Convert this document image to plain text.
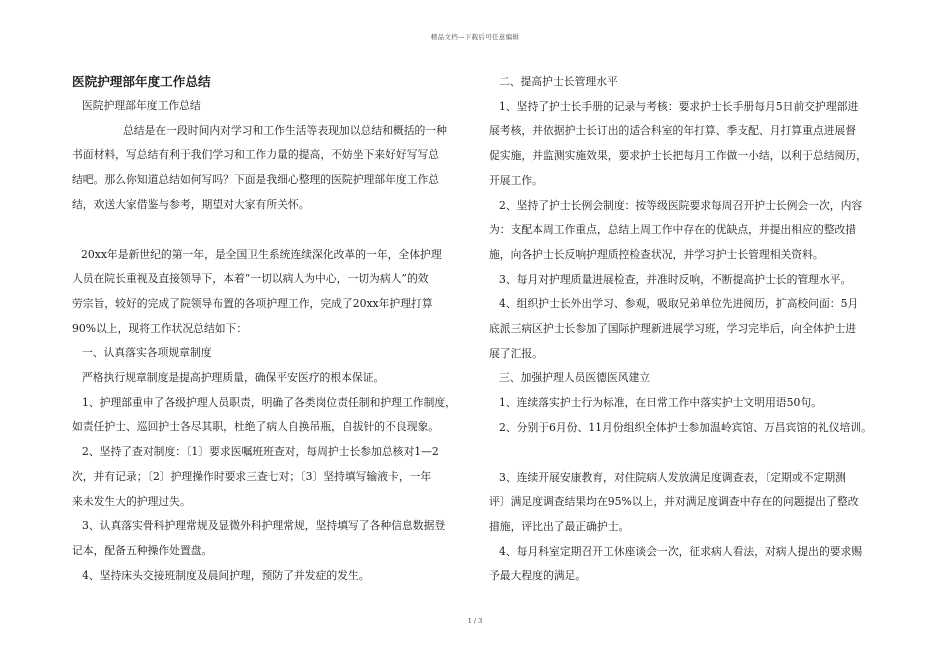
精品文档—下载后可任意编辑

医院护理部年度工作总结

医院护理部年度工作总结

总结是在一段时间内对学习和工作生活等表现加以总结和概括的一种

书面材料，写总结有利于我们学习和工作力量的提高，不妨坐下来好好写写总

结吧。那么你知道总结如何写吗？下面是我细心整理的医院护理部年度工作总

结，欢送大家借鉴与参考，期望对大家有所关怀。

20xx年是新世纪的第一年，是全国卫生系统连续深化改革的一年，全体护理

人员在院长重视及直接领导下，本着“一切以病人为中心，一切为病人”的效

劳宗旨，较好的完成了院领导布置的各项护理工作，完成了20xx年护理打算

90%以上，现将工作状况总结如下：

一、认真落实各项规章制度

严格执行规章制度是提高护理质量，确保平安医疗的根本保证。

1、护理部重申了各级护理人员职责，明确了各类岗位责任制和护理工作制度，

如责任护士、巡回护士各尽其职，杜绝了病人自换吊瓶，自拔针的不良现象。

2、坚持了查对制度：〔1〕要求医嘱班班查对，每周护士长参加总核对1—2

次，并有记录；〔2〕护理操作时要求三查七对；〔3〕坚持填写输液卡，一年

来未发生大的护理过失。

3、认真落实骨科护理常规及显微外科护理常规，坚持填写了各种信息数据登

记本，配备五种操作处置盘。

4、坚持床头交接班制度及晨间护理，预防了并发症的发生。

二、提高护士长管理水平

1、坚持了护士长手册的记录与考核：要求护士长手册每月5日前交护理部进

展考核，并依据护士长订出的适合科室的年打算、季支配、月打算重点进展督

促实施，并监测实施效果，要求护士长把每月工作做一小结，以利于总结阅历，

开展工作。

2、坚持了护士长例会制度：按等级医院要求每周召开护士长例会一次，内容

为：支配本周工作重点，总结上周工作中存在的优缺点，并提出相应的整改措

施，向各护士长反响护理质控检查状况，并学习护士长管理相关资料。

3、每月对护理质量进展检查，并准时反响，不断提高护士长的管理水平。

4、组织护士长外出学习、参观，吸取兄弟单位先进阅历，扩高校问面：5月

底派三病区护士长参加了国际护理新进展学习班，学习完毕后，向全体护士进

展了汇报。

三、加强护理人员医德医风建立

1、连续落实护士行为标准，在日常工作中落实护士文明用语50句。

2、分别于6月份、11月份组织全体护士参加温岭宾馆、万昌宾馆的礼仪培训。

3、连续开展安康教育，对住院病人发放满足度调查表，〔定期或不定期测

评〕满足度调查结果均在95%以上，并对满足度调查中存在的问题提出了整改

措施，评比出了最正确护士。

4、每月科室定期召开工休座谈会一次，征求病人看法，对病人提出的要求赐

予最大程度的满足。

1 / 3
